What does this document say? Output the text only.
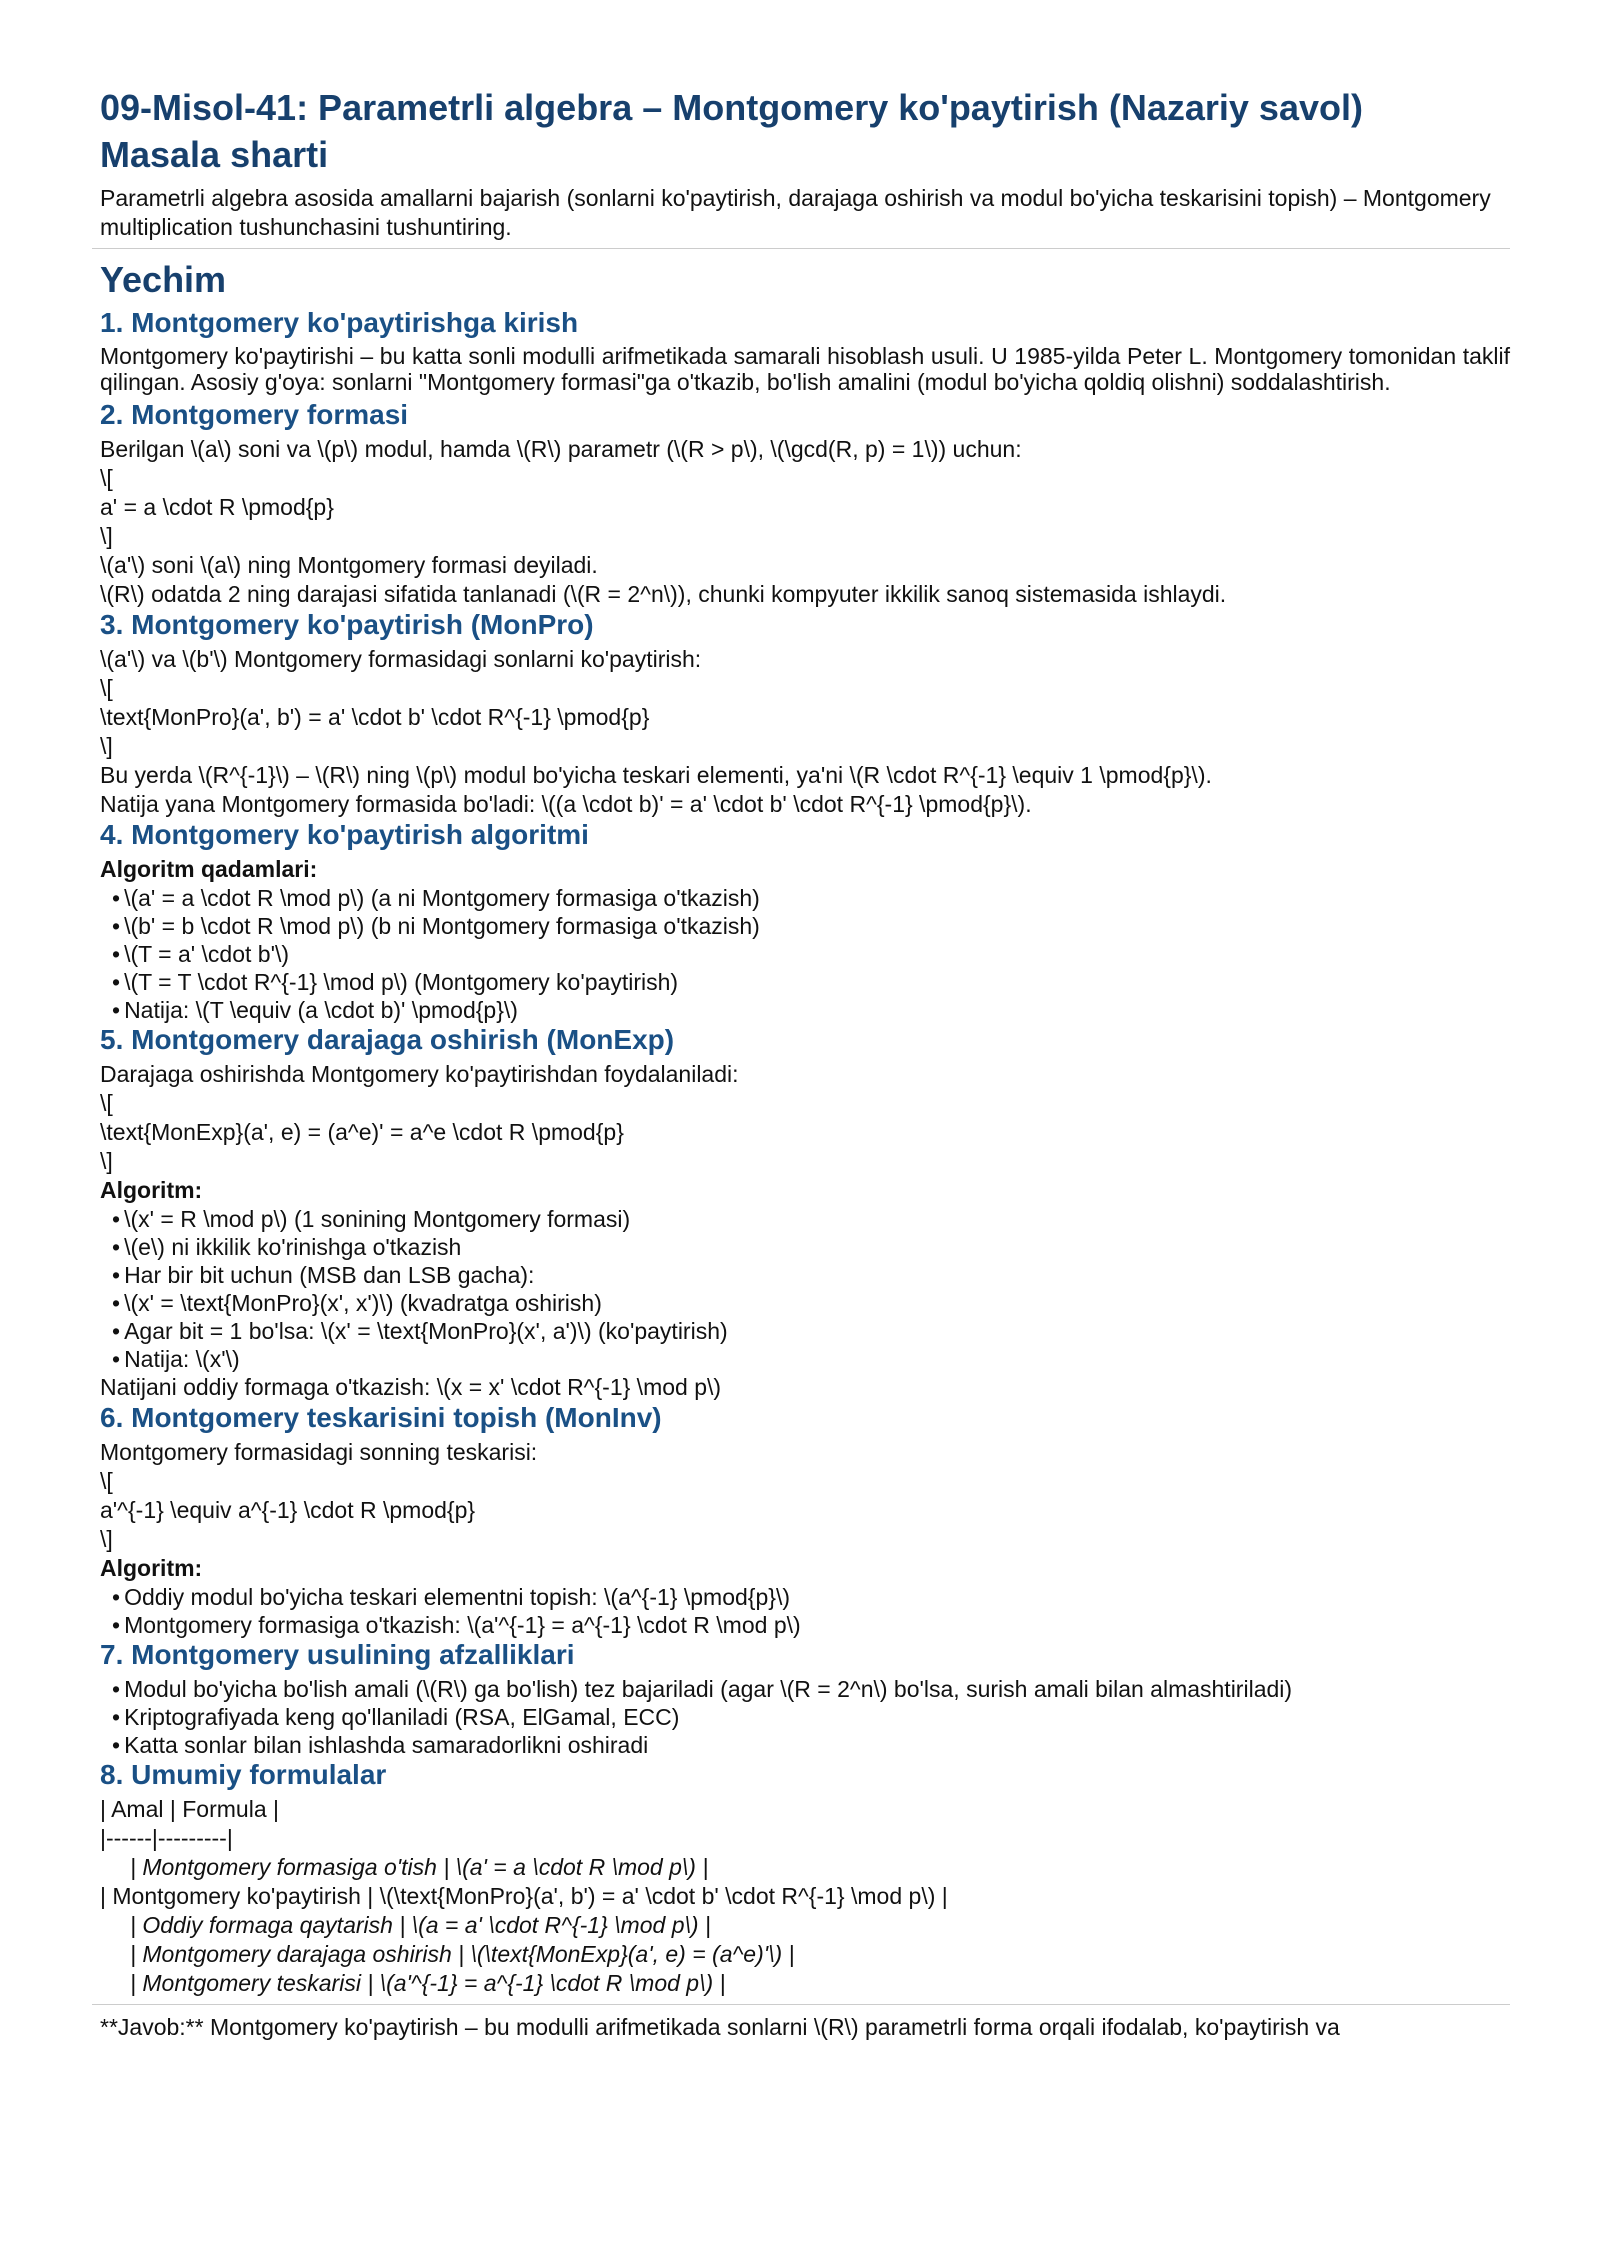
09-Misol-41: Parametrli algebra – Montgomery ko'paytirish (Nazariy savol)
Masala sharti

Parametrli algebra asosida amallarni bajarish (sonlarni ko'paytirish, darajaga oshirish va modul bo'yicha teskarisini topish) – Montgomery multiplication tushunchasini tushuntiring.

Yechim
1. Montgomery ko'paytirishga kirish

Montgomery ko'paytirishi – bu katta sonli modulli arifmetikada samarali hisoblash usuli. U 1985-yilda Peter L. Montgomery tomonidan taklif qilingan. Asosiy g'oya: sonlarni "Montgomery formasi"ga o'tkazib, bo'lish amalini (modul bo'yicha qoldiq olishni) soddalashtirish.

2. Montgomery formasi

Berilgan \(a\) soni va \(p\) modul, hamda \(R\) parametr (\(R > p\), \(\gcd(R, p) = 1\)) uchun:

\[

a' = a \cdot R \pmod{p}

\]

\(a'\) soni \(a\) ning Montgomery formasi deyiladi.

\(R\) odatda 2 ning darajasi sifatida tanlanadi (\(R = 2^n\)), chunki kompyuter ikkilik sanoq sistemasida ishlaydi.

3. Montgomery ko'paytirish (MonPro)

\(a'\) va \(b'\) Montgomery formasidagi sonlarni ko'paytirish:

\[

\text{MonPro}(a', b') = a' \cdot b' \cdot R^{-1} \pmod{p}

\]

Bu yerda \(R^{-1}\) – \(R\) ning \(p\) modul bo'yicha teskari elementi, ya'ni \(R \cdot R^{-1} \equiv 1 \pmod{p}\).

Natija yana Montgomery formasida bo'ladi: \((a \cdot b)' = a' \cdot b' \cdot R^{-1} \pmod{p}\).

4. Montgomery ko'paytirish algoritmi

Algoritm qadamlari:

• \(a' = a \cdot R \mod p\) (a ni Montgomery formasiga o'tkazish)
• \(b' = b \cdot R \mod p\) (b ni Montgomery formasiga o'tkazish)
• \(T = a' \cdot b'\)
• \(T = T \cdot R^{-1} \mod p\) (Montgomery ko'paytirish)
• Natija: \(T \equiv (a \cdot b)' \pmod{p}\)
5. Montgomery darajaga oshirish (MonExp)

Darajaga oshirishda Montgomery ko'paytirishdan foydalaniladi:

\[

\text{MonExp}(a', e) = (a^e)' = a^e \cdot R \pmod{p}

\]

Algoritm:

• \(x' = R \mod p\) (1 sonining Montgomery formasi)
• \(e\) ni ikkilik ko'rinishga o'tkazish
• Har bir bit uchun (MSB dan LSB gacha):
• \(x' = \text{MonPro}(x', x')\) (kvadratga oshirish)
• Agar bit = 1 bo'lsa: \(x' = \text{MonPro}(x', a')\) (ko'paytirish)
• Natija: \(x'\)

Natijani oddiy formaga o'tkazish: \(x = x' \cdot R^{-1} \mod p\)

6. Montgomery teskarisini topish (MonInv)

Montgomery formasidagi sonning teskarisi:

\[

a'^{-1} \equiv a^{-1} \cdot R \pmod{p}

\]

Algoritm:

• Oddiy modul bo'yicha teskari elementni topish: \(a^{-1} \pmod{p}\)
• Montgomery formasiga o'tkazish: \(a'^{-1} = a^{-1} \cdot R \mod p\)
7. Montgomery usulining afzalliklari
• Modul bo'yicha bo'lish amali (\(R\) ga bo'lish) tez bajariladi (agar \(R = 2^n\) bo'lsa, surish amali bilan almashtiriladi)
• Kriptografiyada keng qo'llaniladi (RSA, ElGamal, ECC)
• Katta sonlar bilan ishlashda samaradorlikni oshiradi
8. Umumiy formulalar

| Amal | Formula |

|------|---------|

| Montgomery formasiga o'tish | \(a' = a \cdot R \mod p\) |

| Montgomery ko'paytirish | \(\text{MonPro}(a', b') = a' \cdot b' \cdot R^{-1} \mod p\) |

| Oddiy formaga qaytarish | \(a = a' \cdot R^{-1} \mod p\) |

| Montgomery darajaga oshirish | \(\text{MonExp}(a', e) = (a^e)'\) |

| Montgomery teskarisi | \(a'^{-1} = a^{-1} \cdot R \mod p\) |

**Javob:** Montgomery ko'paytirish – bu modulli arifmetikada sonlarni \(R\) parametrli forma orqali ifodalab, ko'paytirish va
